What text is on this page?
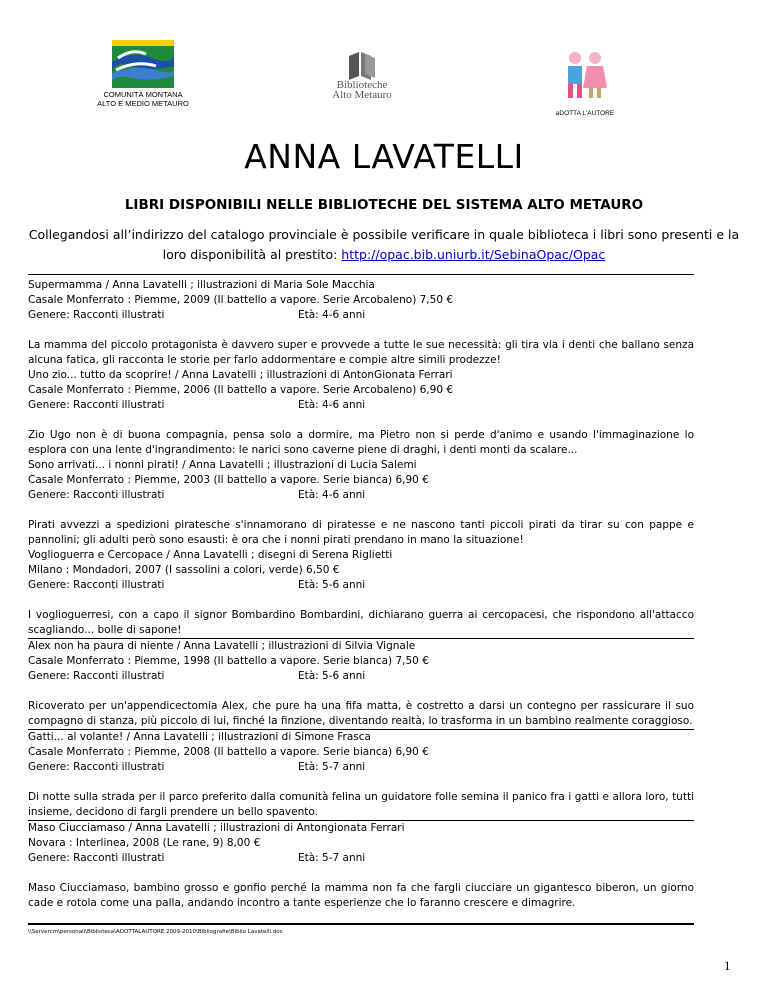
COMUNITÀ MONTANA
ALTO E MEDIO METAURO
Biblioteche
Alto Metauro
aDOTTA L'AUTORE
ANNA LAVATELLI
LIBRI DISPONIBILI NELLE BIBLIOTECHE DEL SISTEMA ALTO METAURO
Collegandosi all’indirizzo del catalogo provinciale è possibile verificare in quale biblioteca i libri sono presenti e la loro disponibilità al prestito: http://opac.bib.uniurb.it/SebinaOpac/Opac
Supermamma / Anna Lavatelli ; illustrazioni di Maria Sole Macchia
Casale Monferrato : Piemme, 2009 (Il battello a vapore. Serie Arcobaleno) 7,50 €
Genere: Racconti illustrati	Età: 4-6 anni
La mamma del piccolo protagonista è davvero super e provvede a tutte le sue necessità: gli tira via i denti che ballano senza alcuna fatica, gli racconta le storie per farlo addormentare e compie altre simili prodezze!
Uno zio... tutto da scoprire! / Anna Lavatelli ; illustrazioni di AntonGionata Ferrari
Casale Monferrato : Piemme, 2006 (Il battello a vapore. Serie Arcobaleno) 6,90 €
Genere: Racconti illustrati	Età: 4-6 anni
Zio Ugo non è di buona compagnia, pensa solo a dormire, ma Pietro non si perde d'animo e usando l'immaginazione lo esplora con una lente d'ingrandimento: le narici sono caverne piene di draghi, i denti monti da scalare...
Sono arrivati... i nonni pirati! / Anna Lavatelli ; illustrazioni di Lucia Salemi
Casale Monferrato : Piemme, 2003 (Il battello a vapore. Serie bianca) 6,90 €
Genere: Racconti illustrati	Età: 4-6 anni
Pirati avvezzi a spedizioni piratesche s'innamorano di piratesse e ne nascono tanti piccoli pirati da tirar su con pappe e pannolini; gli adulti però sono esausti: è ora che i nonni pirati prendano in mano la situazione!
Voglioguerra e Cercopace / Anna Lavatelli ; disegni di Serena Riglietti
Milano : Mondadori, 2007 (I sassolini a colori, verde) 6,50 €
Genere: Racconti illustrati	Età: 5-6 anni
I voglioguerresi, con a capo il signor Bombardino Bombardini, dichiarano guerra ai cercopacesi, che rispondono all'attacco scagliando... bolle di sapone!
Alex non ha paura di niente / Anna Lavatelli ; illustrazioni di Silvia Vignale
Casale Monferrato : Piemme, 1998 (Il battello a vapore. Serie bianca) 7,50 €
Genere: Racconti illustrati	Età: 5-6 anni
Ricoverato per un'appendicectomia Alex, che pure ha una fifa matta, è costretto a darsi un contegno per rassicurare il suo compagno di stanza, più piccolo di lui, finché la finzione, diventando realtà, lo trasforma in un bambino realmente coraggioso.
Gatti... al volante! / Anna Lavatelli ; illustrazioni di Simone Frasca
Casale Monferrato : Piemme, 2008 (Il battello a vapore. Serie bianca) 6,90 €
Genere: Racconti illustrati	Età: 5-7 anni
Di notte sulla strada per il parco preferito dalla comunità felina un guidatore folle semina il panico fra i gatti e allora loro, tutti insieme, decidono di fargli prendere un bello spavento.
Maso Ciucciamaso / Anna Lavatelli ; illustrazioni di Antongionata Ferrari
Novara : Interlinea, 2008 (Le rane, 9) 8,00 €
Genere: Racconti illustrati	Età: 5-7 anni
Maso Ciucciamaso, bambino grosso e gonfio perché la mamma non fa che fargli ciucciare un gigantesco biberon, un giorno cade e rotola come una palla, andando incontro a tante esperienze che lo faranno crescere e dimagrire.
\\Servercm\personali\Biblioteca\ADOTTALAUTORE 2009-2010\Bibliografie\Biblio Lavatelli.doc
1
